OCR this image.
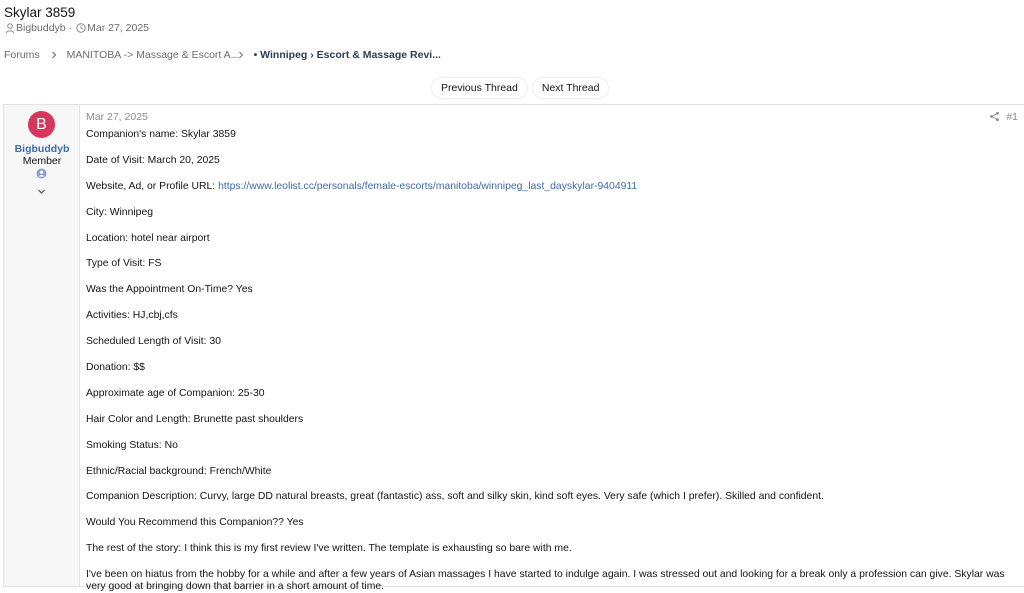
Skylar 3859
Bigbuddyb · Mar 27, 2025
Forums	MANITOBA -> Massage & Escort A... • Winnipeg › Escort & Massage Revi...
Previous Thread	Next Thread
B
Bigbuddyb
Member
Mar 27, 2025	#1
Companion's name: Skylar 3859
Date of Visit: March 20, 2025
Website, Ad, or Profile URL: https://www.leolist.cc/personals/female-escorts/manitoba/winnipeg_last_dayskylar-9404911
City: Winnipeg
Location: hotel near airport
Type of Visit: FS
Was the Appointment On-Time? Yes
Activities: HJ,cbj,cfs
Scheduled Length of Visit: 30
Donation: $$
Approximate age of Companion: 25-30
Hair Color and Length: Brunette past shoulders
Smoking Status: No
Ethnic/Racial background: French/White
Companion Description: Curvy, large DD natural breasts, great (fantastic) ass, soft and silky skin, kind soft eyes. Very safe (which I prefer). Skilled and confident.
Would You Recommend this Companion?? Yes
The rest of the story: I think this is my first review I've written. The template is exhausting so bare with me.
I've been on hiatus from the hobby for a while and after a few years of Asian massages I have started to indulge again. I was stressed out and looking for a break only a profession can give. Skylar was very good at bringing down that barrier in a short amount of time.
